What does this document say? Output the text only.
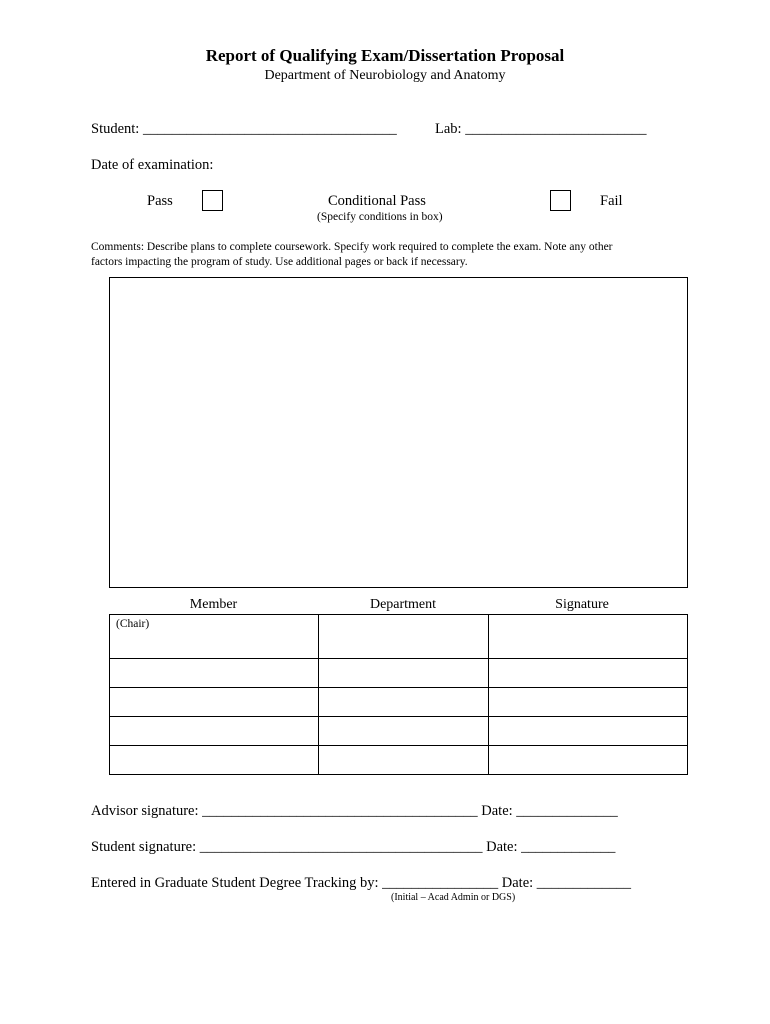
Report of Qualifying Exam/Dissertation Proposal
Department of Neurobiology and Anatomy
Student: ___________________________________	Lab: _________________________
Date of examination:
Pass	Conditional Pass
(Specify conditions in box)
Fail
Comments: Describe plans to complete coursework. Specify work required to complete the exam. Note any other
factors impacting the program of study. Use additional pages or back if necessary.
Member	Department	Signature
(Chair)		

Advisor signature: ______________________________________ Date: ______________
Student signature: _______________________________________ Date: _____________
Entered in Graduate Student Degree Tracking by: ________________ Date: _____________
(Initial – Acad Admin or DGS)
